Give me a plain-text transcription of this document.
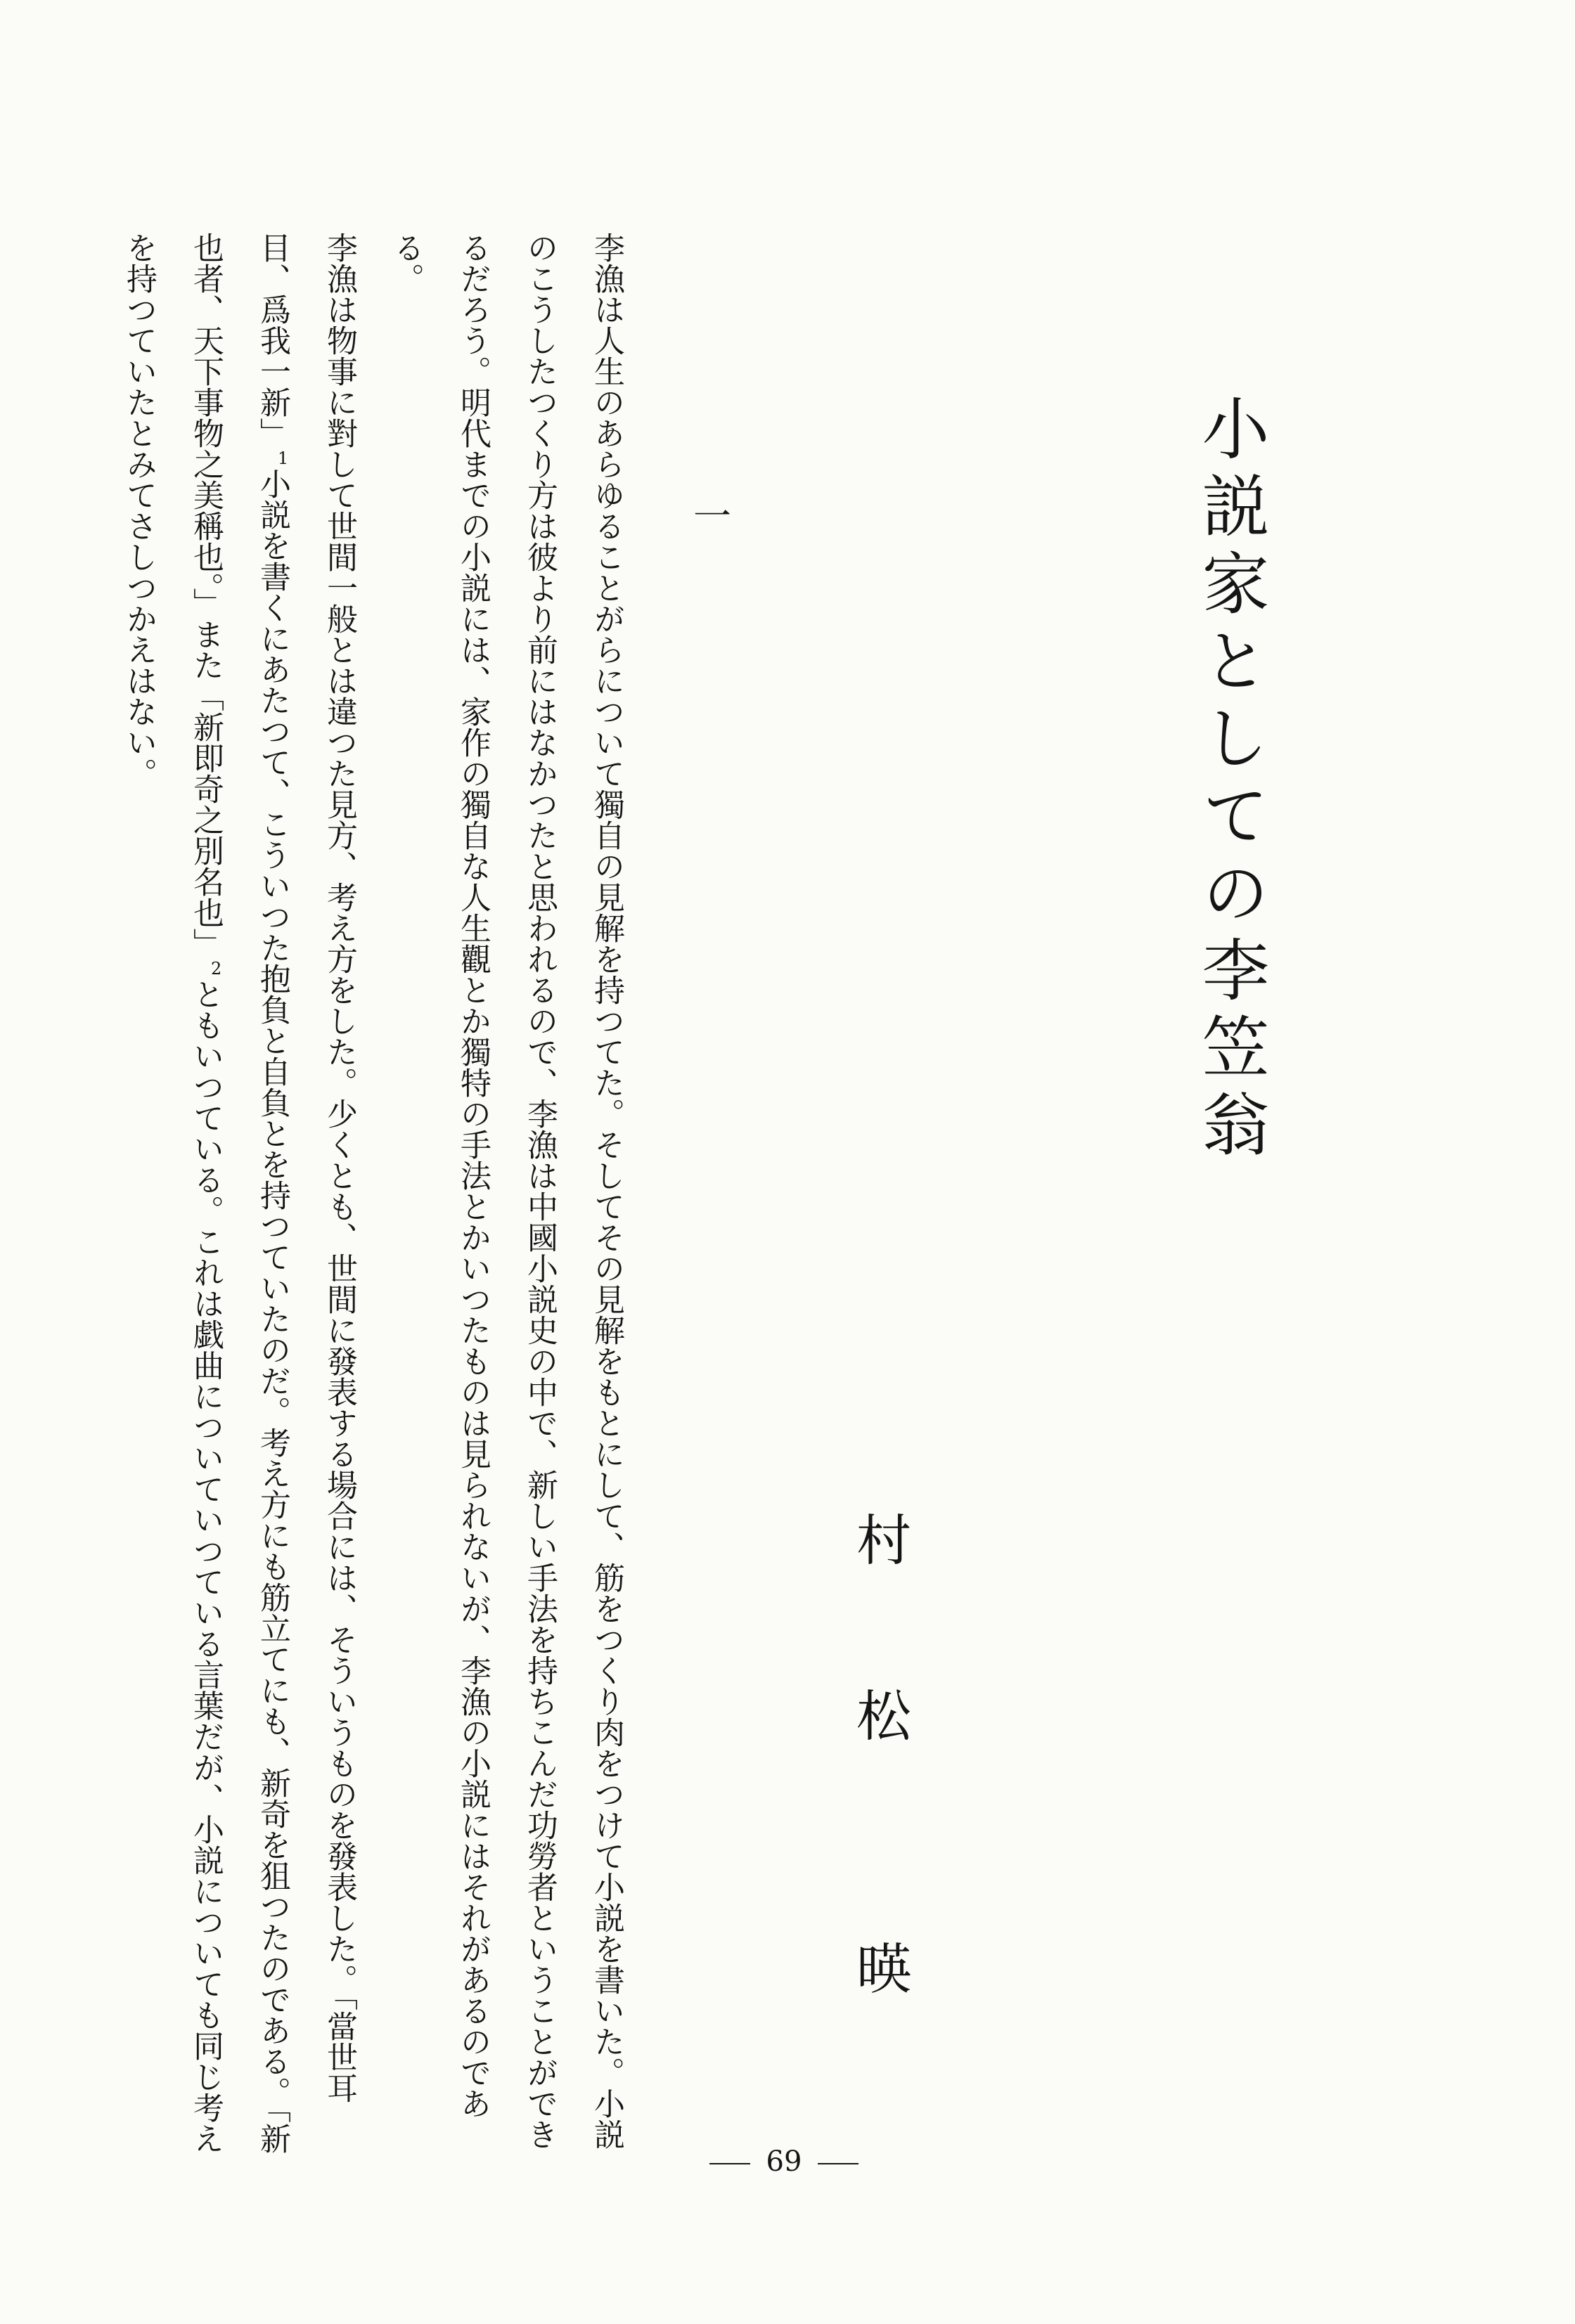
小説家としての李笠翁
村
松
暎
一

李漁は人生のあらゆることがらについて獨自の見解を持つてた。そしてその見解をもとにして、筋をつくり肉をつけて小説を書いた。小説のこうしたつくり方は彼より前にはなかつたと思われるので、李漁は中國小説史の中で、新しい手法を持ちこんだ功勞者ということができるだろう。明代までの小説には、家作の獨自な人生觀とか獨特の手法とかいつたものは見られないが、李漁の小説にはそれがあるのである。

李漁は物事に對して世間一般とは違つた見方、考え方をした。少くとも、世間に發表する場合には、そういうものを發表した。「當世耳目、爲我一新」$^1$小説を書くにあたつて、こういつた抱負と自負とを持つていたのだ。考え方にも筋立てにも、新奇を狙つたのである。「新也者、天下事物之美稱也。」また「新即奇之別名也」$^2$ともいつている。これは戯曲についていつている言葉だが、小説についても同じ考えを持つていたとみてさしつかえはない。

69
